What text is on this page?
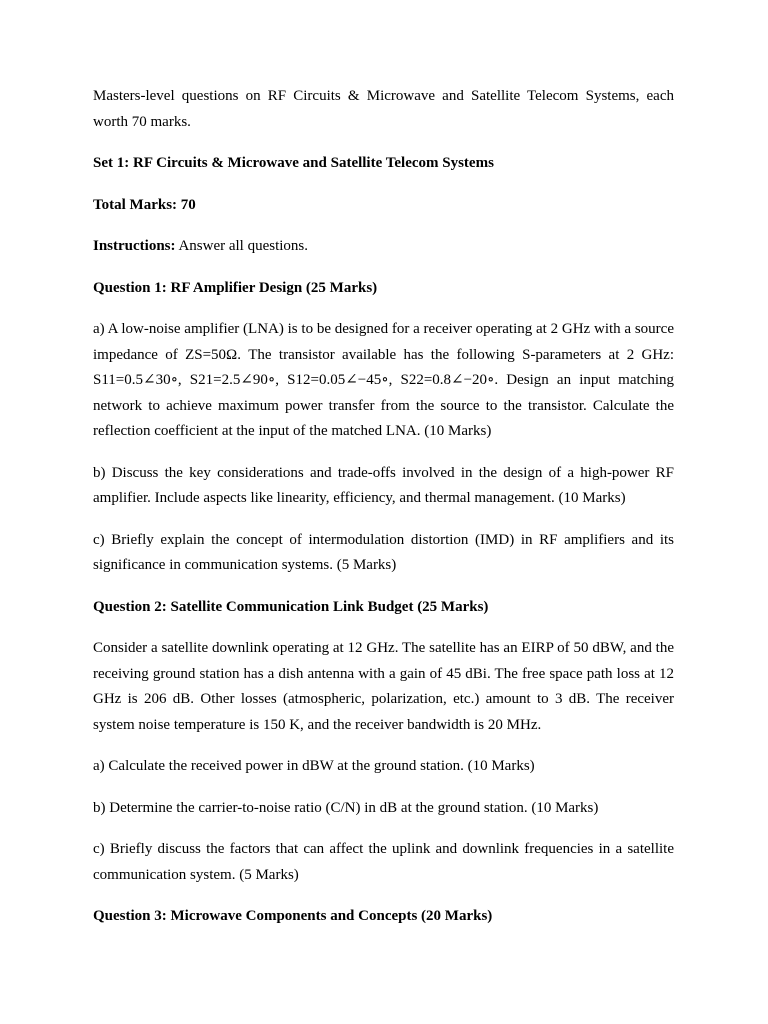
Masters-level questions on RF Circuits & Microwave and Satellite Telecom Systems, each worth 70 marks.

Set 1: RF Circuits & Microwave and Satellite Telecom Systems
Total Marks: 70

Instructions: Answer all questions.

Question 1: RF Amplifier Design (25 Marks)

a) A low-noise amplifier (LNA) is to be designed for a receiver operating at 2 GHz with a source impedance of ZS=50Ω. The transistor available has the following S-parameters at 2 GHz: S11=0.5∠30∘, S21=2.5∠90∘, S12=0.05∠−45∘, S22=0.8∠−20∘. Design an input matching network to achieve maximum power transfer from the source to the transistor. Calculate the reflection coefficient at the input of the matched LNA. (10 Marks)

b) Discuss the key considerations and trade-offs involved in the design of a high-power RF amplifier. Include aspects like linearity, efficiency, and thermal management. (10 Marks)

c) Briefly explain the concept of intermodulation distortion (IMD) in RF amplifiers and its significance in communication systems. (5 Marks)

Question 2: Satellite Communication Link Budget (25 Marks)

Consider a satellite downlink operating at 12 GHz. The satellite has an EIRP of 50 dBW, and the receiving ground station has a dish antenna with a gain of 45 dBi. The free space path loss at 12 GHz is 206 dB. Other losses (atmospheric, polarization, etc.) amount to 3 dB. The receiver system noise temperature is 150 K, and the receiver bandwidth is 20 MHz.

a) Calculate the received power in dBW at the ground station. (10 Marks)

b) Determine the carrier-to-noise ratio (C/N) in dB at the ground station. (10 Marks)

c) Briefly discuss the factors that can affect the uplink and downlink frequencies in a satellite communication system. (5 Marks)

Question 3: Microwave Components and Concepts (20 Marks)
